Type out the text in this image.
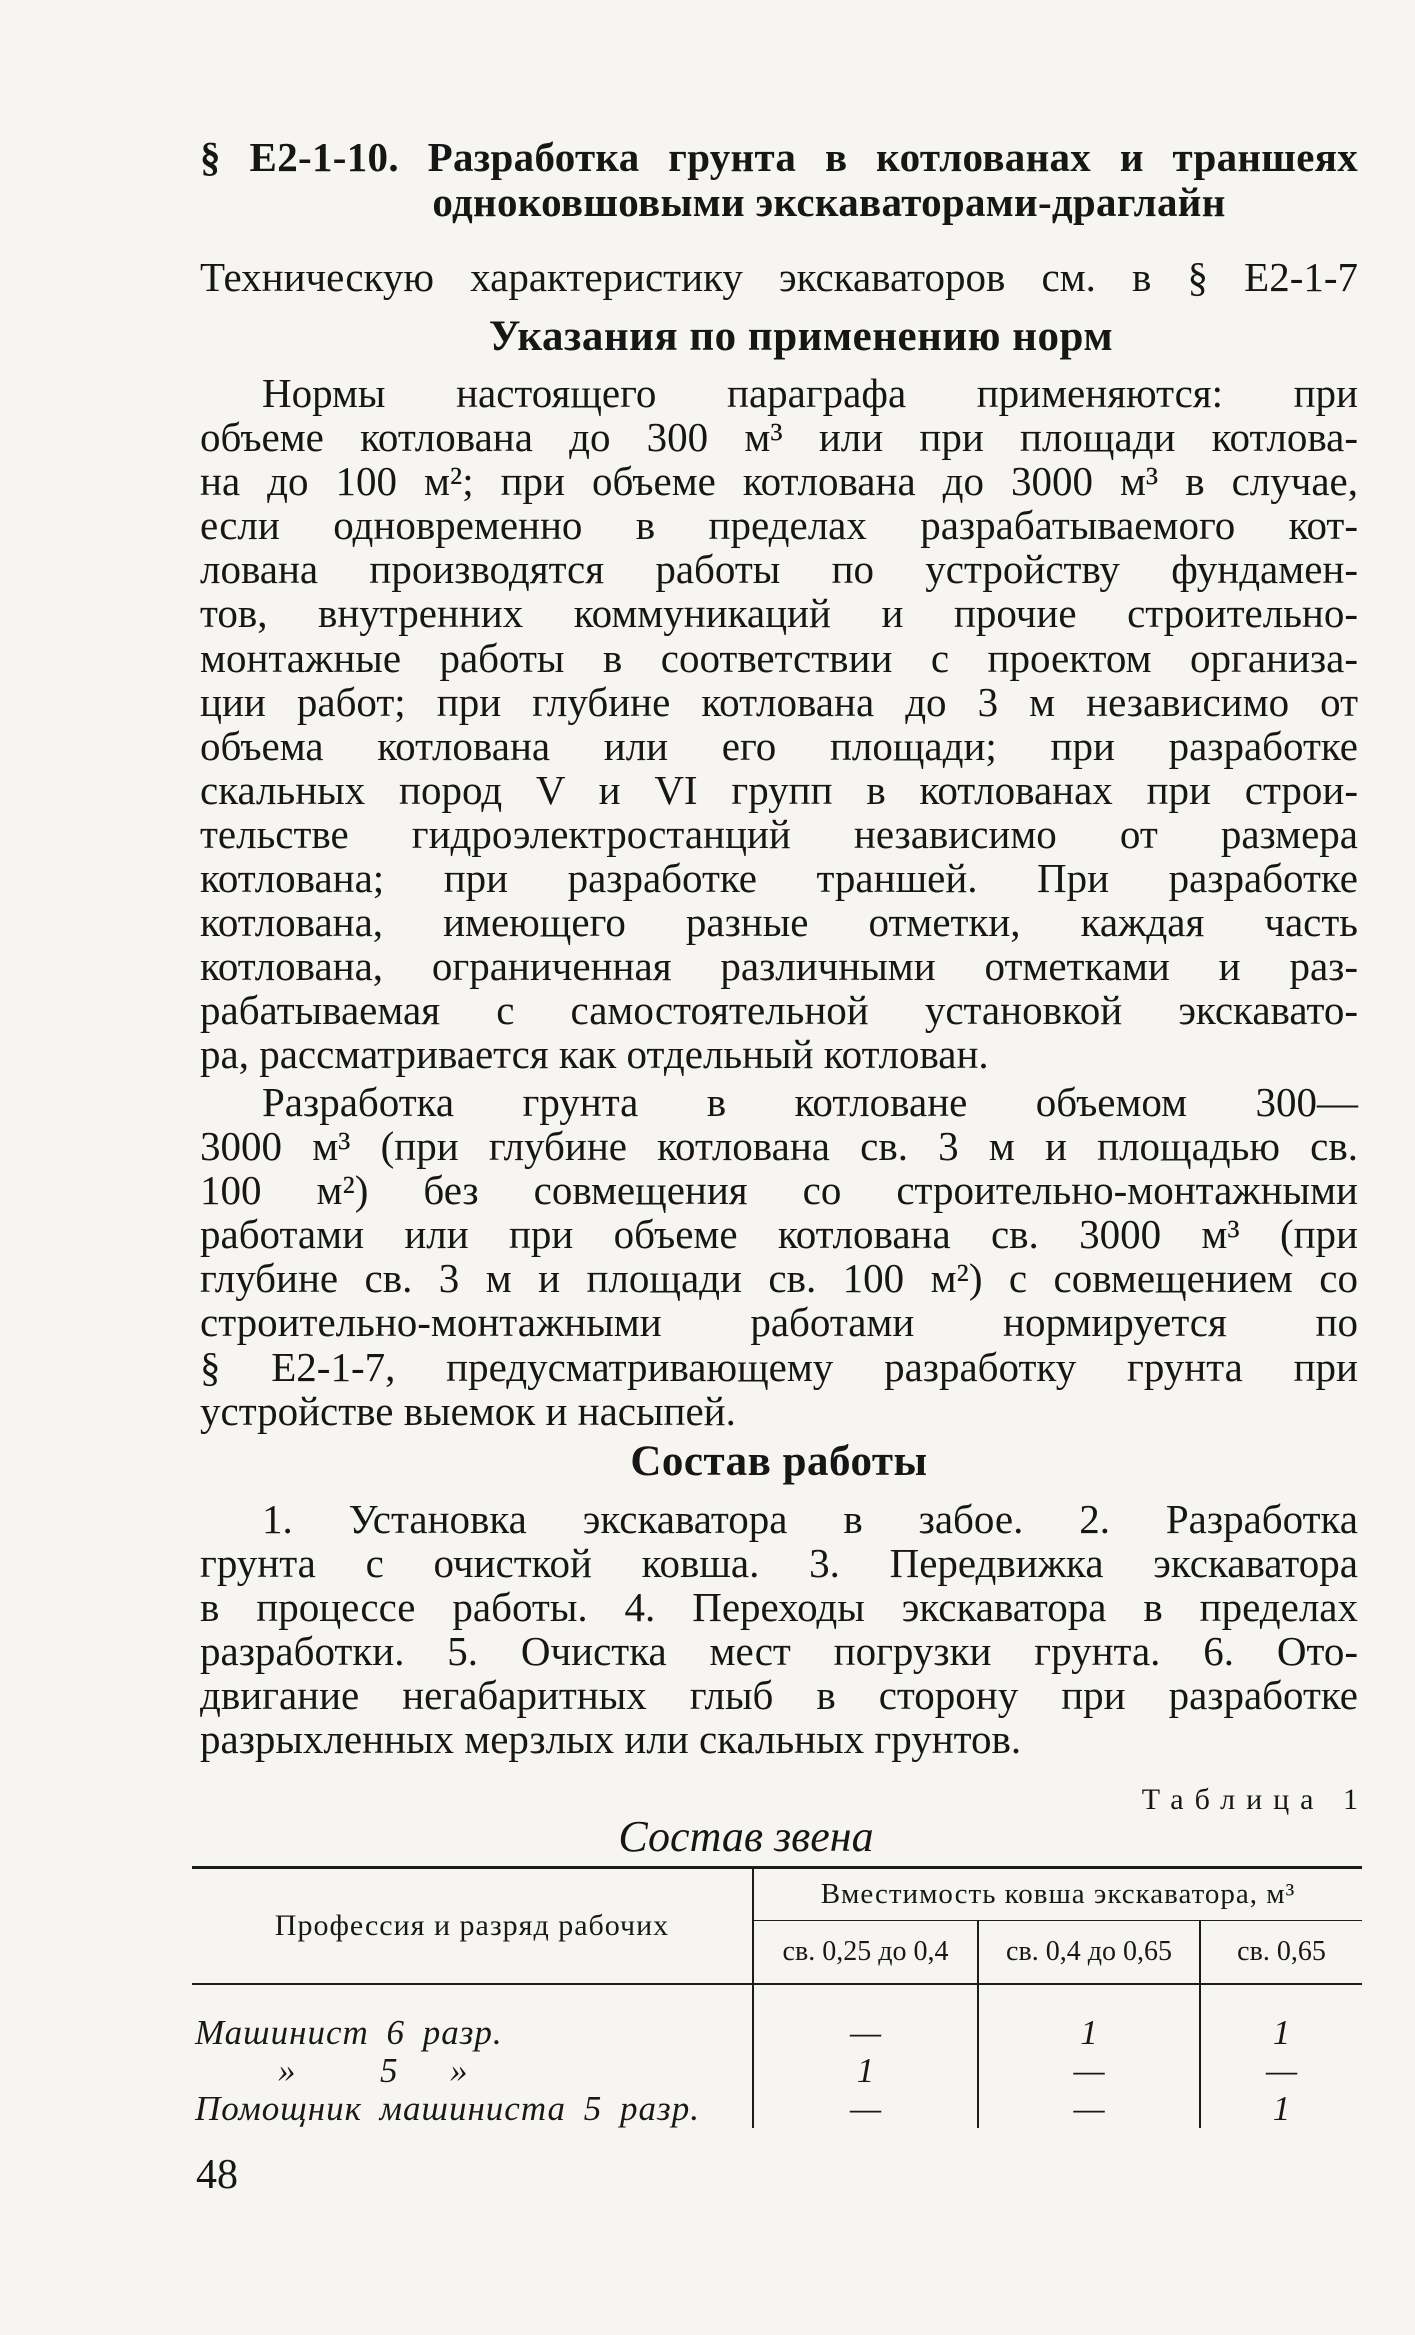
§ Е2-1-10. Разработка грунта в котлованах и траншеях
одноковшовыми экскаваторами-драглайн
Техническую характеристику экскаваторов см. в § Е2-1-7
Указания по применению норм
Нормы настоящего параграфа применяются: при
объеме котлована до 300 м³ или при площади котлова-
на до 100 м²; при объеме котлована до 3000 м³ в случае,
если одновременно в пределах разрабатываемого кот-
лована производятся работы по устройству фундамен-
тов, внутренних коммуникаций и прочие строительно-
монтажные работы в соответствии с проектом организа-
ции работ; при глубине котлована до 3 м независимо от
объема котлована или его площади; при разработке
скальных пород V и VI групп в котлованах при строи-
тельстве гидроэлектростанций независимо от размера
котлована; при разработке траншей. При разработке
котлована, имеющего разные отметки, каждая часть
котлована, ограниченная различными отметками и раз-
рабатываемая с самостоятельной установкой экскавато-
ра, рассматривается как отдельный котлован.
Разработка грунта в котловане объемом 300—
3000 м³ (при глубине котлована св. 3 м и площадью св.
100 м²) без совмещения со строительно-монтажными
работами или при объеме котлована св. 3000 м³ (при
глубине св. 3 м и площади св. 100 м²) с совмещением со
строительно-монтажными работами нормируется по
§ Е2-1-7, предусматривающему разработку грунта при
устройстве выемок и насыпей.
Состав работы
1. Установка экскаватора в забое. 2. Разработка
грунта с очисткой ковша. 3. Передвижка экскаватора
в процессе работы. 4. Переходы экскаватора в пределах
разработки. 5. Очистка мест погрузки грунта. 6. Ото-
двигание негабаритных глыб в сторону при разработке
разрыхленных мерзлых или скальных грунтов.
Таблица 1
Состав звена
Профессия и разряд рабочих	Вместимость ковша экскаватора, м³		
	св. 0,25 до 0,4	св. 0,4 до 0,65	св. 0,65
Машинист 6 разр.	—	1	1

» 5 »	1	—	—
Помощник машиниста 5 разр.	—	—	1
48
